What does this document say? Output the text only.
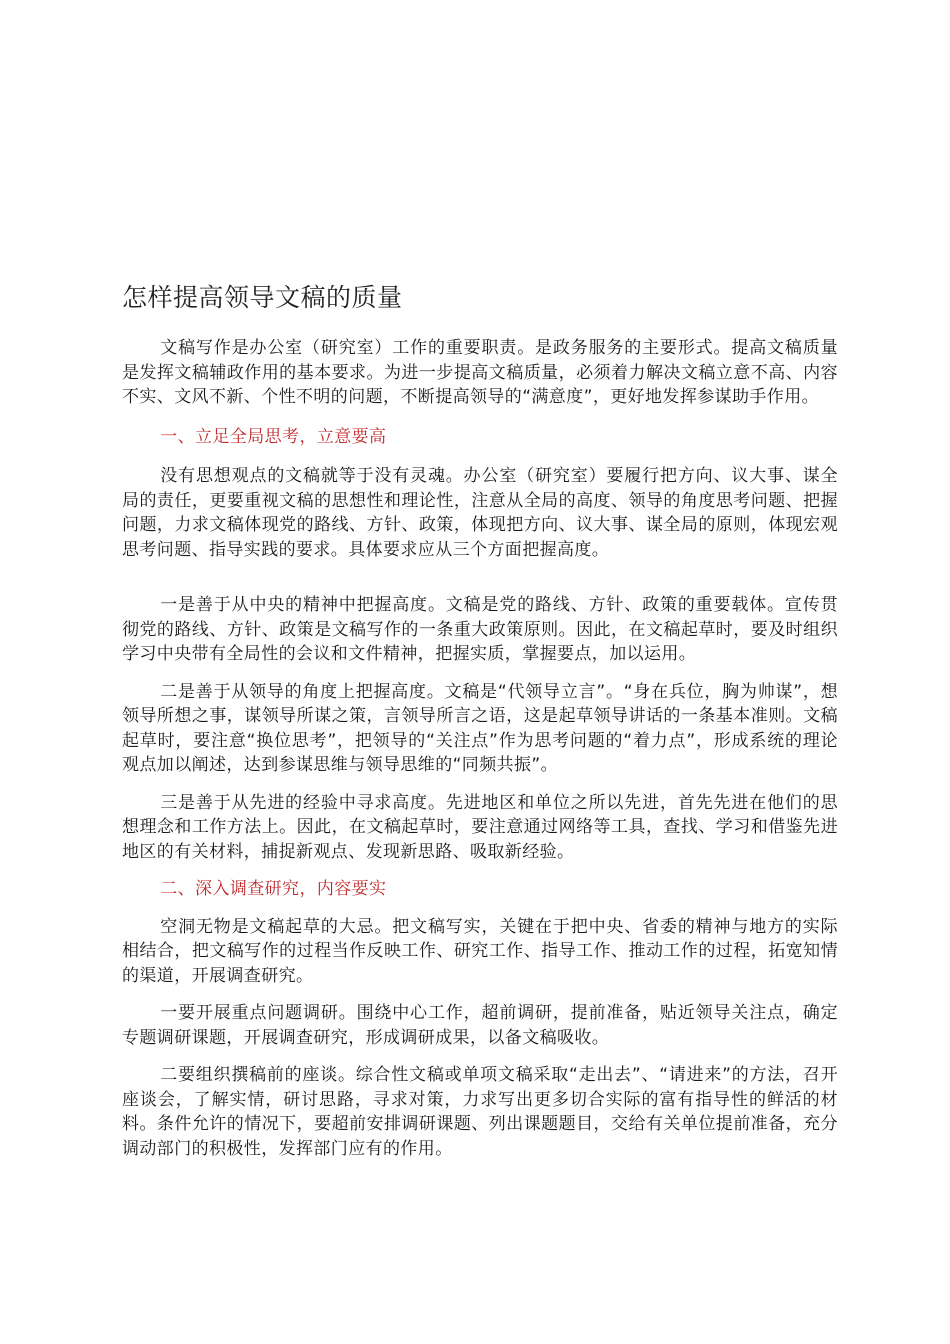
怎样提高领导文稿的质量

文稿写作是办公室（研究室）工作的重要职责。是政务服务的主要形式。提高文稿质量是发挥文稿辅政作用的基本要求。为进一步提高文稿质量，必须着力解决文稿立意不高、内容不实、文风不新、个性不明的问题，不断提高领导的“满意度”，更好地发挥参谋助手作用。

一、立足全局思考，立意要高

没有思想观点的文稿就等于没有灵魂。办公室（研究室）要履行把方向、议大事、谋全局的责任，更要重视文稿的思想性和理论性，注意从全局的高度、领导的角度思考问题、把握问题，力求文稿体现党的路线、方针、政策，体现把方向、议大事、谋全局的原则，体现宏观思考问题、指导实践的要求。具体要求应从三个方面把握高度。

一是善于从中央的精神中把握高度。文稿是党的路线、方针、政策的重要载体。宣传贯彻党的路线、方针、政策是文稿写作的一条重大政策原则。因此，在文稿起草时，要及时组织学习中央带有全局性的会议和文件精神，把握实质，掌握要点，加以运用。

二是善于从领导的角度上把握高度。文稿是“代领导立言”。“身在兵位，胸为帅谋”，想领导所想之事，谋领导所谋之策，言领导所言之语，这是起草领导讲话的一条基本准则。文稿起草时，要注意“换位思考”，把领导的“关注点”作为思考问题的“着力点”，形成系统的理论观点加以阐述，达到参谋思维与领导思维的“同频共振”。

三是善于从先进的经验中寻求高度。先进地区和单位之所以先进，首先先进在他们的思想理念和工作方法上。因此，在文稿起草时，要注意通过网络等工具，查找、学习和借鉴先进地区的有关材料，捕捉新观点、发现新思路、吸取新经验。

二、深入调查研究，内容要实

空洞无物是文稿起草的大忌。把文稿写实，关键在于把中央、省委的精神与地方的实际相结合，把文稿写作的过程当作反映工作、研究工作、指导工作、推动工作的过程，拓宽知情的渠道，开展调查研究。

一要开展重点问题调研。围绕中心工作，超前调研，提前准备，贴近领导关注点，确定专题调研课题，开展调查研究，形成调研成果，以备文稿吸收。

二要组织撰稿前的座谈。综合性文稿或单项文稿采取“走出去”、“请进来”的方法，召开座谈会，了解实情，研讨思路，寻求对策，力求写出更多切合实际的富有指导性的鲜活的材料。条件允许的情况下，要超前安排调研课题、列出课题题目，交给有关单位提前准备，充分调动部门的积极性，发挥部门应有的作用。
